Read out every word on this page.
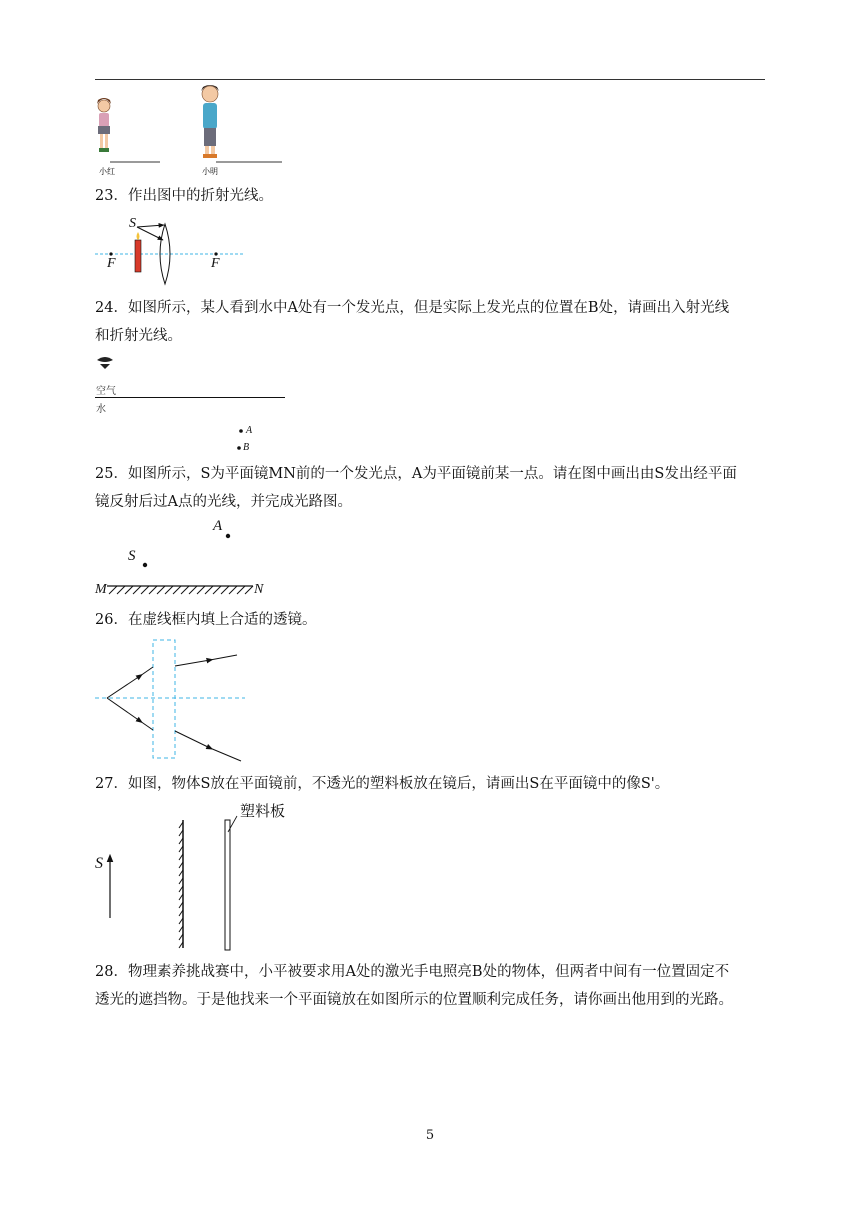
小红	小明
23．作出图中的折射光线。
S
F	F
24．如图所示，某人看到水中A处有一个发光点，但是实际上发光点的位置在B处，请画出入射光线
和折射光线。
空气
水
A
B
25．如图所示，S为平面镜MN前的一个发光点，A为平面镜前某一点。请在图中画出由S发出经平面
镜反射后过A点的光线，并完成光路图。
A
S
M	N
26．在虚线框内填上合适的透镜。
27．如图，物体S放在平面镜前，不透光的塑料板放在镜后，请画出S在平面镜中的像S'。
塑料板
S
28．物理素养挑战赛中，小平被要求用A处的激光手电照亮B处的物体，但两者中间有一位置固定不
透光的遮挡物。于是他找来一个平面镜放在如图所示的位置顺利完成任务，请你画出他用到的光路。
5
